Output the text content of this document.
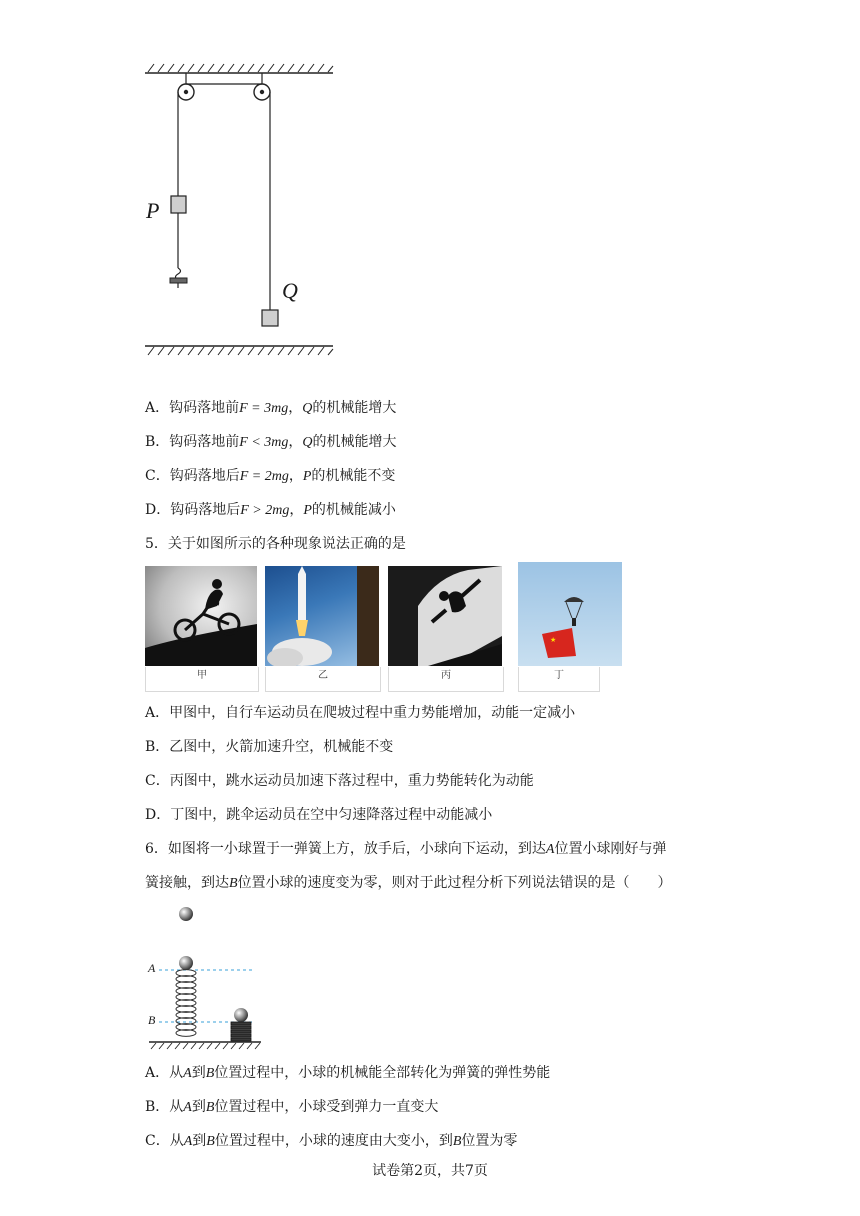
P
Q
A．钩码落地前F = 3mg，Q的机械能增大
B．钩码落地前F < 3mg，Q的机械能增大
C．钩码落地后F = 2mg，P的机械能不变
D．钩码落地后F > 2mg，P的机械能减小
5．关于如图所示的各种现象说法正确的是
甲	乙	丙
★
丁
A．甲图中，自行车运动员在爬坡过程中重力势能增加，动能一定减小
B．乙图中，火箭加速升空，机械能不变
C．丙图中，跳水运动员加速下落过程中，重力势能转化为动能
D．丁图中，跳伞运动员在空中匀速降落过程中动能减小
6．如图将一小球置于一弹簧上方，放手后，小球向下运动，到达A位置小球刚好与弹
簧接触，到达B位置小球的速度变为零，则对于此过程分析下列说法错误的是（　　）
A
B
A．从A到B位置过程中，小球的机械能全部转化为弹簧的弹性势能
B．从A到B位置过程中，小球受到弹力一直变大
C．从A到B位置过程中，小球的速度由大变小，到B位置为零
试卷第2页，共7页
